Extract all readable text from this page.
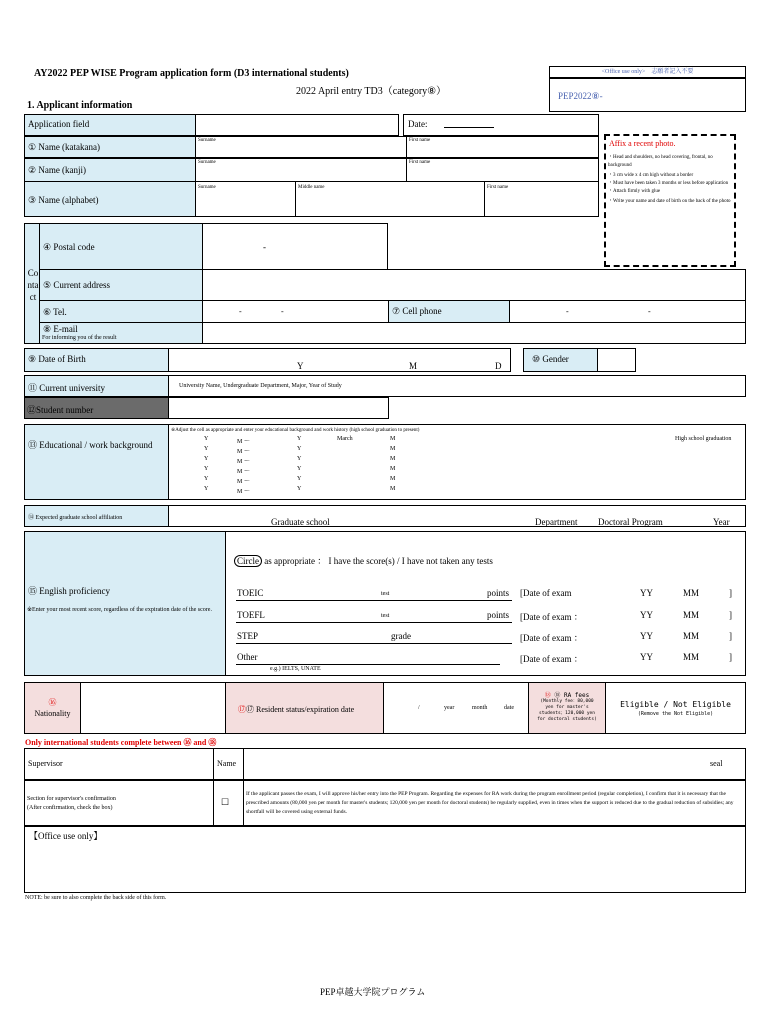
AY2022 PEP WISE Program application form (D3 international students)
2022 April entry TD3（category⑧）
1. Applicant information
<Office use only>　志願者記入不要
PEP2022⑧-
Application field	Date:
① Name (katakana)
Surname	First name
② Name (kanji)
Surname	First name
③ Name (alphabet)
Surname	Middle name	First name
Affix a recent photo.
・Head and shoulders, no head covering, frontal, no background
・3 cm wide x 4 cm high without a border
・Must have been taken 3 months or less before application
・Attach firmly with glue
・Write your name and date of birth on the back of the photo
Co nta ct
④ Postal code	-
⑤ Current address
⑥ Tel.	-	-	⑦ Cell phone	-	-
⑧ E-mail
For informing you of the result
⑨ Date of Birth
Y	M	D
⑩ Gender
⑪ Current university	University Name, Undergraduate Department, Major, Year of Study
⑫Student number
⑬ Educational / work background
※Adjust the cell as appropriate and enter your educational background and work history (high school graduation to present)
Y	M ～	Y	March	M	High school graduation
Y	M ～	Y	M
Y	M ～	Y	M
Y	M ～	Y	M
Y	M ～	Y	M
Y	M ～	Y	M
⑭ Expected graduate school affiliation	Graduate school	Department Doctoral Program	Year
⑮ English proficiency
※Enter your most recent score, regardless of the expiration date of the score.
Circle as appropriate ： I have the score(s) / I have not taken any tests
TOEIC	test	points [Date of exam	YY	MM	]
TOEFL	test	points [Date of exam ：	YY	MM	]
STEP	grade	[Date of exam ：	YY	MM	]
Other	[Date of exam ：	YY	MM	]
e.g.) IELTS, UNATE
⑯
Nationality	⑰⑰ Resident status/expiration date	/	year	month	date
⑱ ⑱ RA fees
(Monthly fee：80,000
yen for master's
students；120,000 yen
for doctoral students)
Eligible / Not Eligible
(Remove the Not Eligible)
Only international students complete between ⑯ and ⑱
Supervisor	Name	seal
Section for supervisor's confirmation
(After confirmation, check the box)
☐
If the applicant passes the exam, I will approve his/her entry into the PEP Program. Regarding the expenses for RA work during the program enrollment period (regular completion), I confirm that it is necessary that the prescribed amounts (80,000 yen per month for master's students; 120,000 yen per month for doctoral students) be regularly supplied, even in times when the support is reduced due to the gradual reduction of subsidies; any shortfall will be covered using external funds.
【Office use only】
NOTE: be sure to also complete the back side of this form.
PEP卓越大学院プログラム
